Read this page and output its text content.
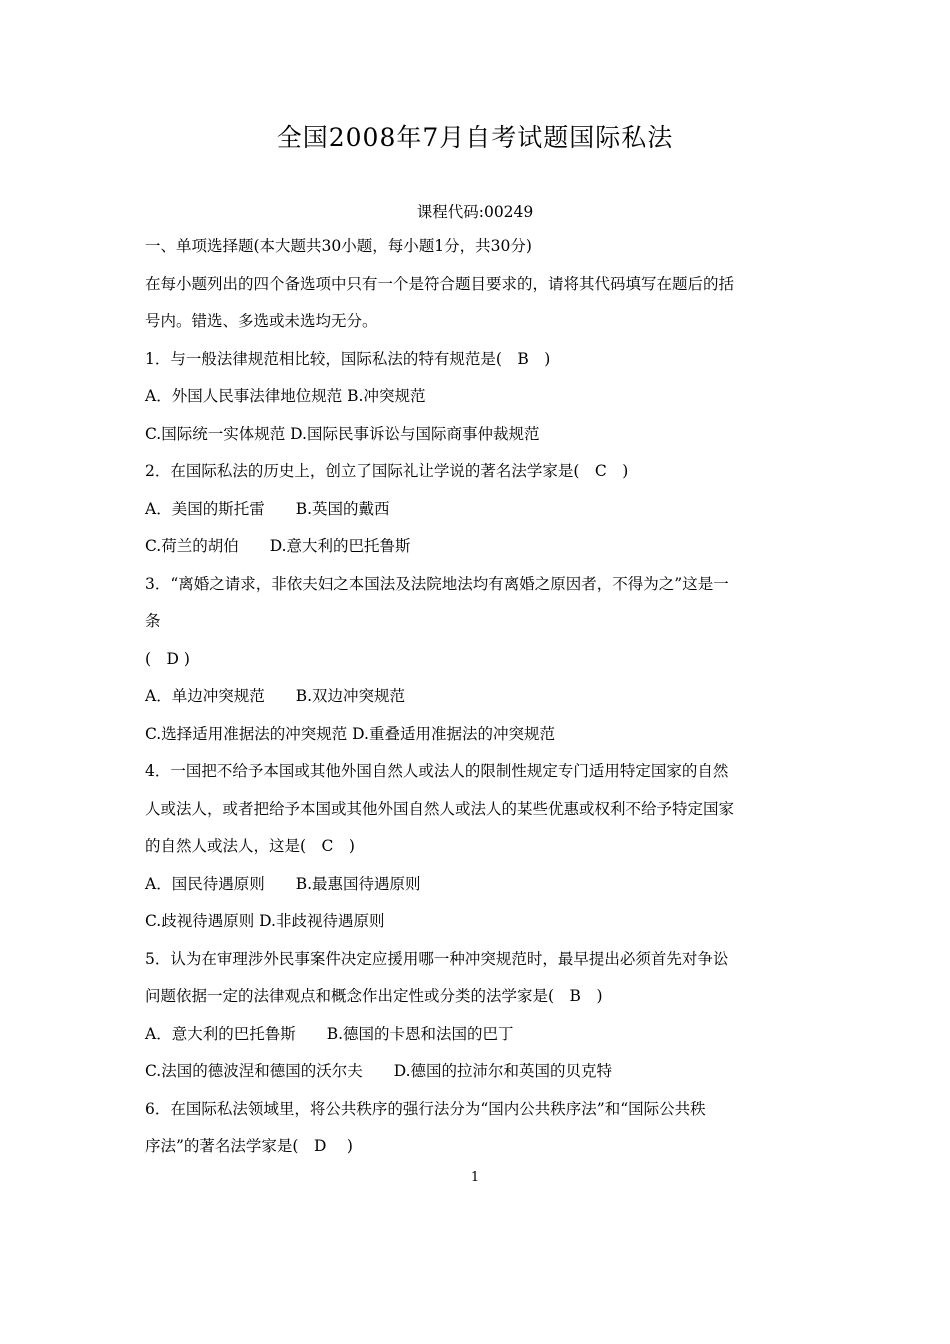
全国2008年7月自考试题国际私法
课程代码:00249
一、单项选择题(本大题共30小题，每小题1分，共30分)
在每小题列出的四个备选项中只有一个是符合题目要求的，请将其代码填写在题后的括
号内。错选、多选或未选均无分。
1．与一般法律规范相比较，国际私法的特有规范是(　B　)
A．外国人民事法律地位规范 B.冲突规范
C.国际统一实体规范 D.国际民事诉讼与国际商事仲裁规范
2．在国际私法的历史上，创立了国际礼让学说的著名法学家是(　C　)
A．美国的斯托雷　　B.英国的戴西
C.荷兰的胡伯　　D.意大利的巴托鲁斯
3．“离婚之请求，非依夫妇之本国法及法院地法均有离婚之原因者，不得为之”这是一
条
(　D )
A．单边冲突规范　　B.双边冲突规范
C.选择适用准据法的冲突规范 D.重叠适用准据法的冲突规范
4．一国把不给予本国或其他外国自然人或法人的限制性规定专门适用特定国家的自然
人或法人，或者把给予本国或其他外国自然人或法人的某些优惠或权利不给予特定国家
的自然人或法人，这是(　C　)
A．国民待遇原则　　B.最惠国待遇原则
C.歧视待遇原则 D.非歧视待遇原则
5．认为在审理涉外民事案件决定应援用哪一种冲突规范时，最早提出必须首先对争讼
问题依据一定的法律观点和概念作出定性或分类的法学家是(　B　)
A．意大利的巴托鲁斯　　B.德国的卡恩和法国的巴丁
C.法国的德波涅和德国的沃尔夫　　D.德国的拉沛尔和英国的贝克特
6．在国际私法领域里，将公共秩序的强行法分为“国内公共秩序法”和“国际公共秩
序法”的著名法学家是(　D　 )
1
